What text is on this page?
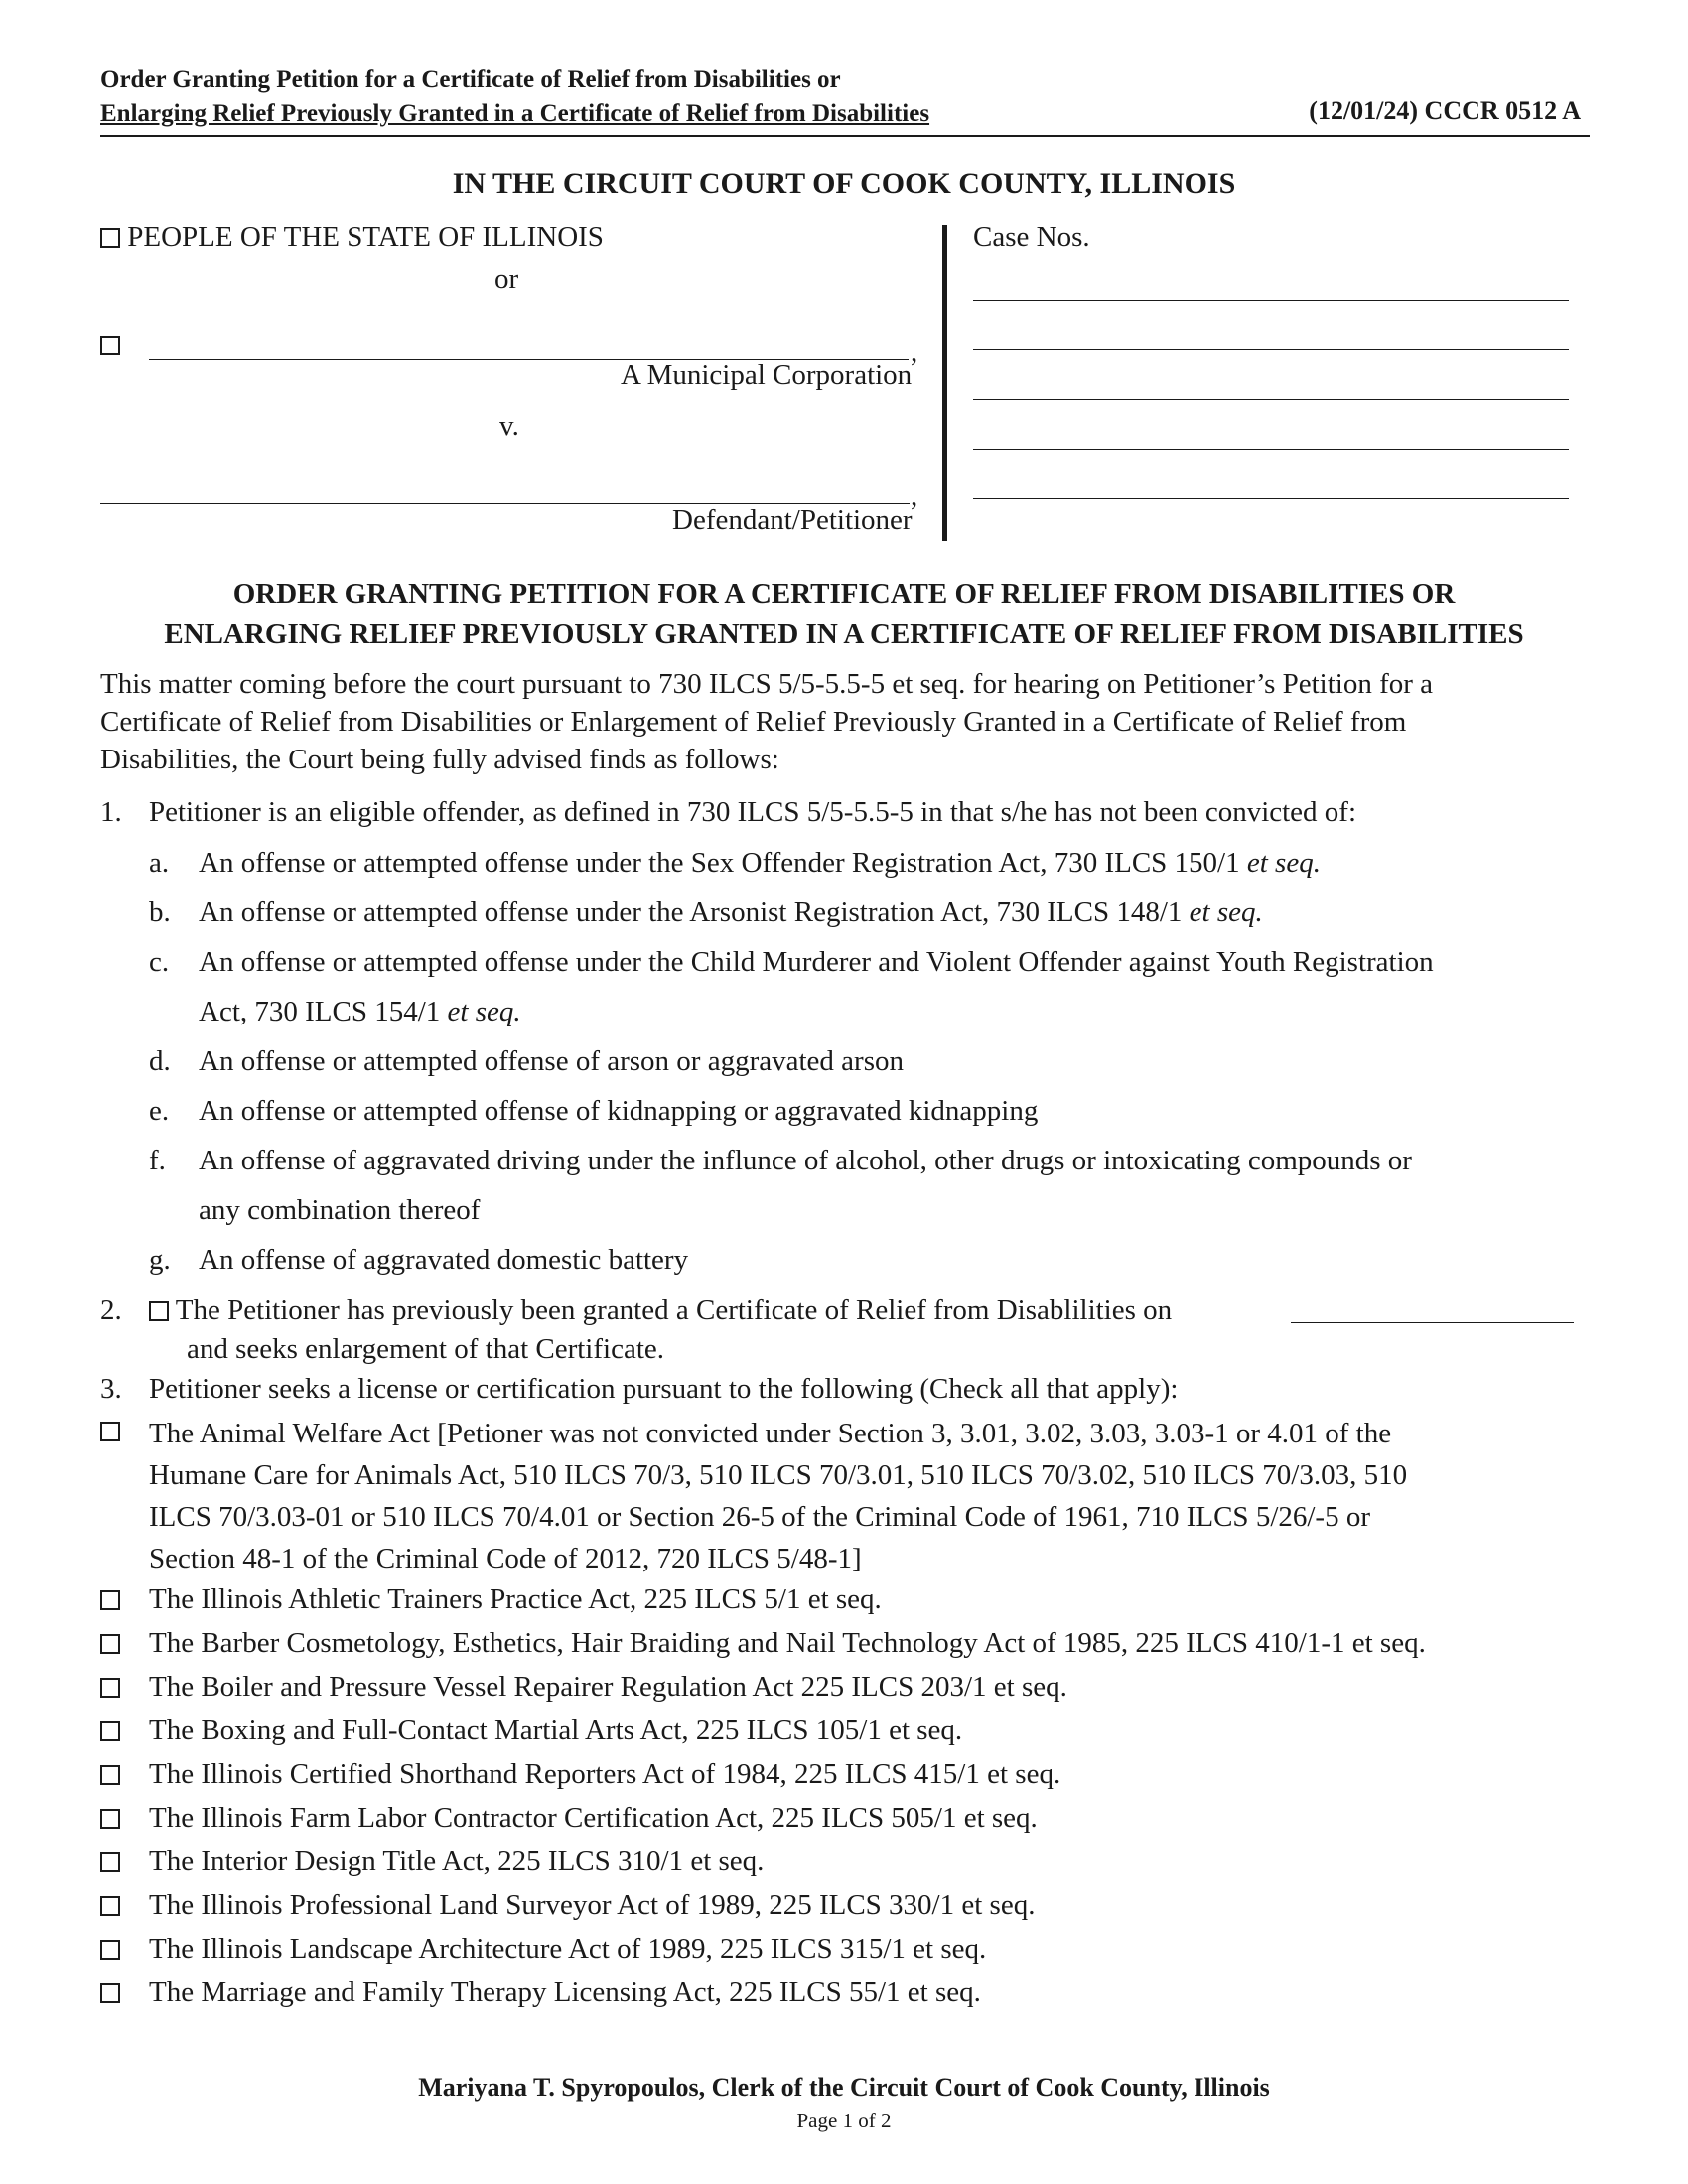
Order Granting Petition for a Certificate of Relief from Disabilities or
Enlarging Relief Previously Granted in a Certificate of Relief from Disabilities	(12/01/24) CCCR 0512 A
IN THE CIRCUIT COURT OF COOK COUNTY, ILLINOIS
PEOPLE OF THE STATE OF ILLINOIS
or
,
A Municipal Corporation
v.
,
Defendant/Petitioner
Case Nos.
ORDER GRANTING PETITION FOR A CERTIFICATE OF RELIEF FROM DISABILITIES OR
ENLARGING RELIEF PREVIOUSLY GRANTED IN A CERTIFICATE OF RELIEF FROM DISABILITIES
This matter coming before the court pursuant to 730 ILCS 5/5-5.5-5 et seq. for hearing on Petitioner’s Petition for a
Certificate of Relief from Disabilities or Enlargement of Relief Previously Granted in a Certificate of Relief from
Disabilities, the Court being fully advised finds as follows:
1. Petitioner is an eligible offender, as defined in 730 ILCS 5/5-5.5-5 in that s/he has not been convicted of:
a. An offense or attempted offense under the Sex Offender Registration Act, 730 ILCS 150/1 et seq.
b. An offense or attempted offense under the Arsonist Registration Act, 730 ILCS 148/1 et seq.
c. An offense or attempted offense under the Child Murderer and Violent Offender against Youth Registration
Act, 730 ILCS 154/1 et seq.
d. An offense or attempted offense of arson or aggravated arson
e. An offense or attempted offense of kidnapping or aggravated kidnapping
f. An offense of aggravated driving under the influnce of alcohol, other drugs or intoxicating compounds or
any combination thereof
g. An offense of aggravated domestic battery
2.	The Petitioner has previously been granted a Certificate of Relief from Disablilities on
and seeks enlargement of that Certificate.
3. Petitioner seeks a license or certification pursuant to the following (Check all that apply):
The Animal Welfare Act [Petioner was not convicted under Section 3, 3.01, 3.02, 3.03, 3.03-1 or 4.01 of the
Humane Care for Animals Act, 510 ILCS 70/3, 510 ILCS 70/3.01, 510 ILCS 70/3.02, 510 ILCS 70/3.03, 510
ILCS 70/3.03-01 or 510 ILCS 70/4.01 or Section 26-5 of the Criminal Code of 1961, 710 ILCS 5/26/-5 or
Section 48-1 of the Criminal Code of 2012, 720 ILCS 5/48-1]
The Illinois Athletic Trainers Practice Act, 225 ILCS 5/1 et seq.
The Barber Cosmetology, Esthetics, Hair Braiding and Nail Technology Act of 1985, 225 ILCS 410/1-1 et seq.
The Boiler and Pressure Vessel Repairer Regulation Act 225 ILCS 203/1 et seq.
The Boxing and Full-Contact Martial Arts Act, 225 ILCS 105/1 et seq.
The Illinois Certified Shorthand Reporters Act of 1984, 225 ILCS 415/1 et seq.
The Illinois Farm Labor Contractor Certification Act, 225 ILCS 505/1 et seq.
The Interior Design Title Act, 225 ILCS 310/1 et seq.
The Illinois Professional Land Surveyor Act of 1989, 225 ILCS 330/1 et seq.
The Illinois Landscape Architecture Act of 1989, 225 ILCS 315/1 et seq.
The Marriage and Family Therapy Licensing Act, 225 ILCS 55/1 et seq.
Mariyana T. Spyropoulos, Clerk of the Circuit Court of Cook County, Illinois
Page 1 of 2
